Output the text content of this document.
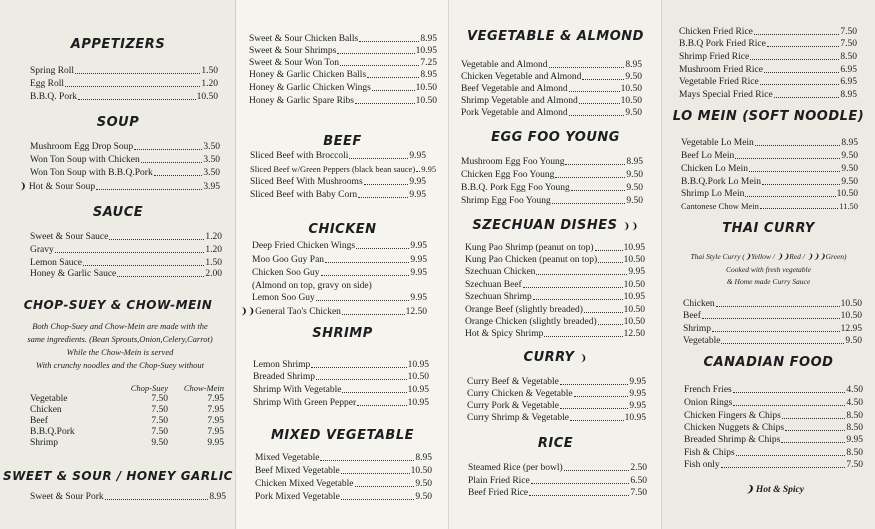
APPETIZERS
Spring Roll	1.50
Egg Roll	1.20
B.B.Q. Pork	10.50
SOUP
Mushroom Egg Drop Soup	3.50
Won Ton Soup with Chicken	3.50
Won Ton Soup with B.B.Q.Pork	3.50
❩ Hot & Sour Soup	3.95
SAUCE
Sweet & Sour Sauce	1.20
Gravy	1.20
Lemon Sauce	1.50
Honey & Garlic Sauce	2.00
CHOP-SUEY & CHOW-MEIN
Both Chop-Suey and Chow-Mein are made with the
same ingredients. (Bean Sprouts,Onion,Celery,Carrot)
While the Chow-Mein is served
With crunchy noodles and the Chop-Suey without
Chop-Suey	Chow-Mein
Vegetable	7.50	7.95
Chicken	7.50	7.95
Beef	7.50	7.95
B.B.Q.Pork	7.50	7.95
Shrimp	9.50	9.95
SWEET & SOUR / HONEY GARLIC
Sweet & Sour Pork	8.95
Sweet & Sour Chicken Balls	8.95
Sweet & Sour Shrimps	10.95
Sweet & Sour Won Ton	7.25
Honey & Garlic Chicken Balls	8.95
Honey & Garlic Chicken Wings	10.50
Honey & Garlic Spare Ribs	10.50
BEEF
Sliced Beef with Broccoli	9.95
Sliced Beef w/Green Peppers (black bean sauce) 9.95
Sliced Beef With Mushrooms	9.95
Sliced Beef with Baby Corn	9.95
CHICKEN
Deep Fried Chicken Wings	9.95
Moo Goo Guy Pan	9.95
Chicken Soo Guy	9.95
(Almond on top, gravy on side)
Lemon Soo Guy	9.95
❩❩General Tao's Chicken	12.50
SHRIMP
Lemon Shrimp	10.95
Breaded Shrimp	10.50
Shrimp With Vegetable	10.95
Shrimp With Green Pepper	10.95
MIXED VEGETABLE
Mixed Vegetable	8.95
Beef Mixed Vegetable	10.50
Chicken Mixed Vegetable	9.50
Pork Mixed Vegetable	9.50
VEGETABLE & ALMOND
Vegetable and Almond	8.95
Chicken Vegetable and Almond	9.50
Beef Vegetable and Almond	10.50
Shrimp Vegetable and Almond	10.50
Pork Vegetable and Almond	9.50
EGG FOO YOUNG
Mushroom Egg Foo Young	8.95
Chicken Egg Foo Young	9.50
B.B.Q. Pork Egg Foo Young	9.50
Shrimp Egg Foo Young	9.50
SZECHUAN DISHES ❩❩
Kung Pao Shrimp (peanut on top)	10.95
Kung Pao Chicken (peanut on top)	10.50
Szechuan Chicken	9.95
Szechuan Beef	10.50
Szechuan Shrimp	10.95
Orange Beef (slightly breaded)	10.50
Orange Chicken (slightly breaded)	10.50
Hot & Spicy Shrimp	12.50
CURRY ❩
Curry Beef & Vegetable	9.95
Curry Chicken & Vegetable	9.95
Curry Pork & Vegetable	9.95
Curry Shrimp & Vegetable	10.95
RICE
Steamed Rice (per bowl)	2.50
Plain Fried Rice	6.50
Beef Fried Rice	7.50
Chicken Fried Rice	7.50
B.B.Q Pork Fried Rice	7.50
Shrimp Fried Rice	8.50
Mushroom Fried Rice	6.95
Vegetable Fried Rice	6.95
Mays Special Fried Rice	8.95
LO MEIN (SOFT NOODLE)
Vegetable Lo Mein	8.95
Beef Lo Mein	9.50
Chicken Lo Mein	9.50
B.B.Q.Pork Lo Mein	9.50
Shrimp Lo Mein	10.50
Cantonese Chow Mein	11.50
THAI CURRY
Thai Style Curry (❩Yellow / ❩❩Red / ❩❩❩Green)
Cooked with fresh vegetable
& Home made Curry Sauce
Chicken	10.50
Beef	10.50
Shrimp	12.95
Vegetable	9.50
CANADIAN FOOD
French Fries	4.50
Onion Rings	4.50
Chicken Fingers & Chips	8.50
Chicken Nuggets & Chips	8.50
Breaded Shrimp & Chips	9.95
Fish & Chips	8.50
Fish only	7.50
❩ Hot & Spicy
